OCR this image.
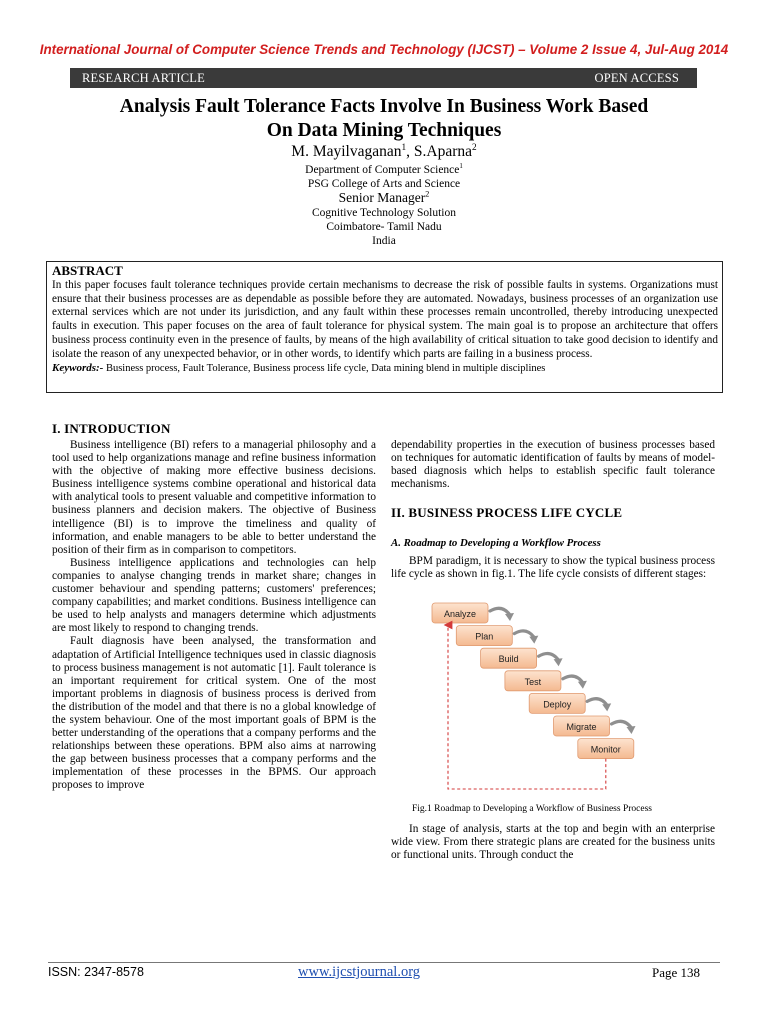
International Journal of Computer Science Trends and Technology (IJCST) – Volume 2 Issue 4, Jul-Aug 2014
RESEARCH ARTICLE	OPEN ACCESS
Analysis Fault Tolerance Facts Involve In Business Work Based
On Data Mining Techniques
M. Mayilvaganan$^1$, S.Aparna$^2$
Department of Computer Science$^1$
PSG College of Arts and Science
Senior Manager$^2$
Cognitive Technology Solution
Coimbatore- Tamil Nadu
India
ABSTRACT
In this paper focuses fault tolerance techniques provide certain mechanisms to decrease the risk of possible faults in systems. Organizations must ensure that their business processes are as dependable as possible before they are automated. Nowadays, business processes of an organization use external services which are not under its jurisdiction, and any fault within these processes remain uncontrolled, thereby introducing unexpected faults in execution. This paper focuses on the area of fault tolerance for physical system. The main goal is to propose an architecture that offers business process continuity even in the presence of faults, by means of the high availability of critical situation to take good decision to identify and isolate the reason of any unexpected behavior, or in other words, to identify which parts are failing in a business process.
Keywords:- Business process, Fault Tolerance, Business process life cycle, Data mining blend in multiple disciplines
I. INTRODUCTION

Business intelligence (BI) refers to a managerial philosophy and a tool used to help organizations manage and refine business information with the objective of making more effective business decisions. Business intelligence systems combine operational and historical data with analytical tools to present valuable and competitive information to business planners and decision makers. The objective of Business intelligence (BI) is to improve the timeliness and quality of information, and enable managers to be able to better understand the position of their firm as in comparison to competitors.

Business intelligence applications and technologies can help companies to analyse changing trends in market share; changes in customer behaviour and spending patterns; customers' preferences; company capabilities; and market conditions. Business intelligence can be used to help analysts and managers determine which adjustments are most likely to respond to changing trends.

Fault diagnosis have been analysed, the transformation and adaptation of Artificial Intelligence techniques used in classic diagnosis to process business management is not automatic [1]. Fault tolerance is an important requirement for critical system. One of the most important problems in diagnosis of business process is derived from the distribution of the model and that there is no a global knowledge of the system behaviour. One of the most important goals of BPM is the better understanding of the operations that a company performs and the relationships between these operations. BPM also aims at narrowing the gap between business processes that a company performs and the implementation of these processes in the BPMS. Our approach proposes to improve

dependability properties in the execution of business processes based on techniques for automatic identification of faults by means of model-based diagnosis which helps to establish specific fault tolerance mechanisms.

II. BUSINESS PROCESS LIFE CYCLE
A. Roadmap to Developing a Workflow Process

BPM paradigm, it is necessary to show the typical business process life cycle as shown in fig.1. The life cycle consists of different stages:

Analyze
Plan
Build
Test
Deploy
Migrate
Monitor
Fig.1 Roadmap to Developing a Workflow of Business Process

In stage of analysis, starts at the top and begin with an enterprise wide view. From there strategic plans are created for the business units or functional units. Through conduct the

ISSN: 2347-8578	www.ijcstjournal.org	Page 138
